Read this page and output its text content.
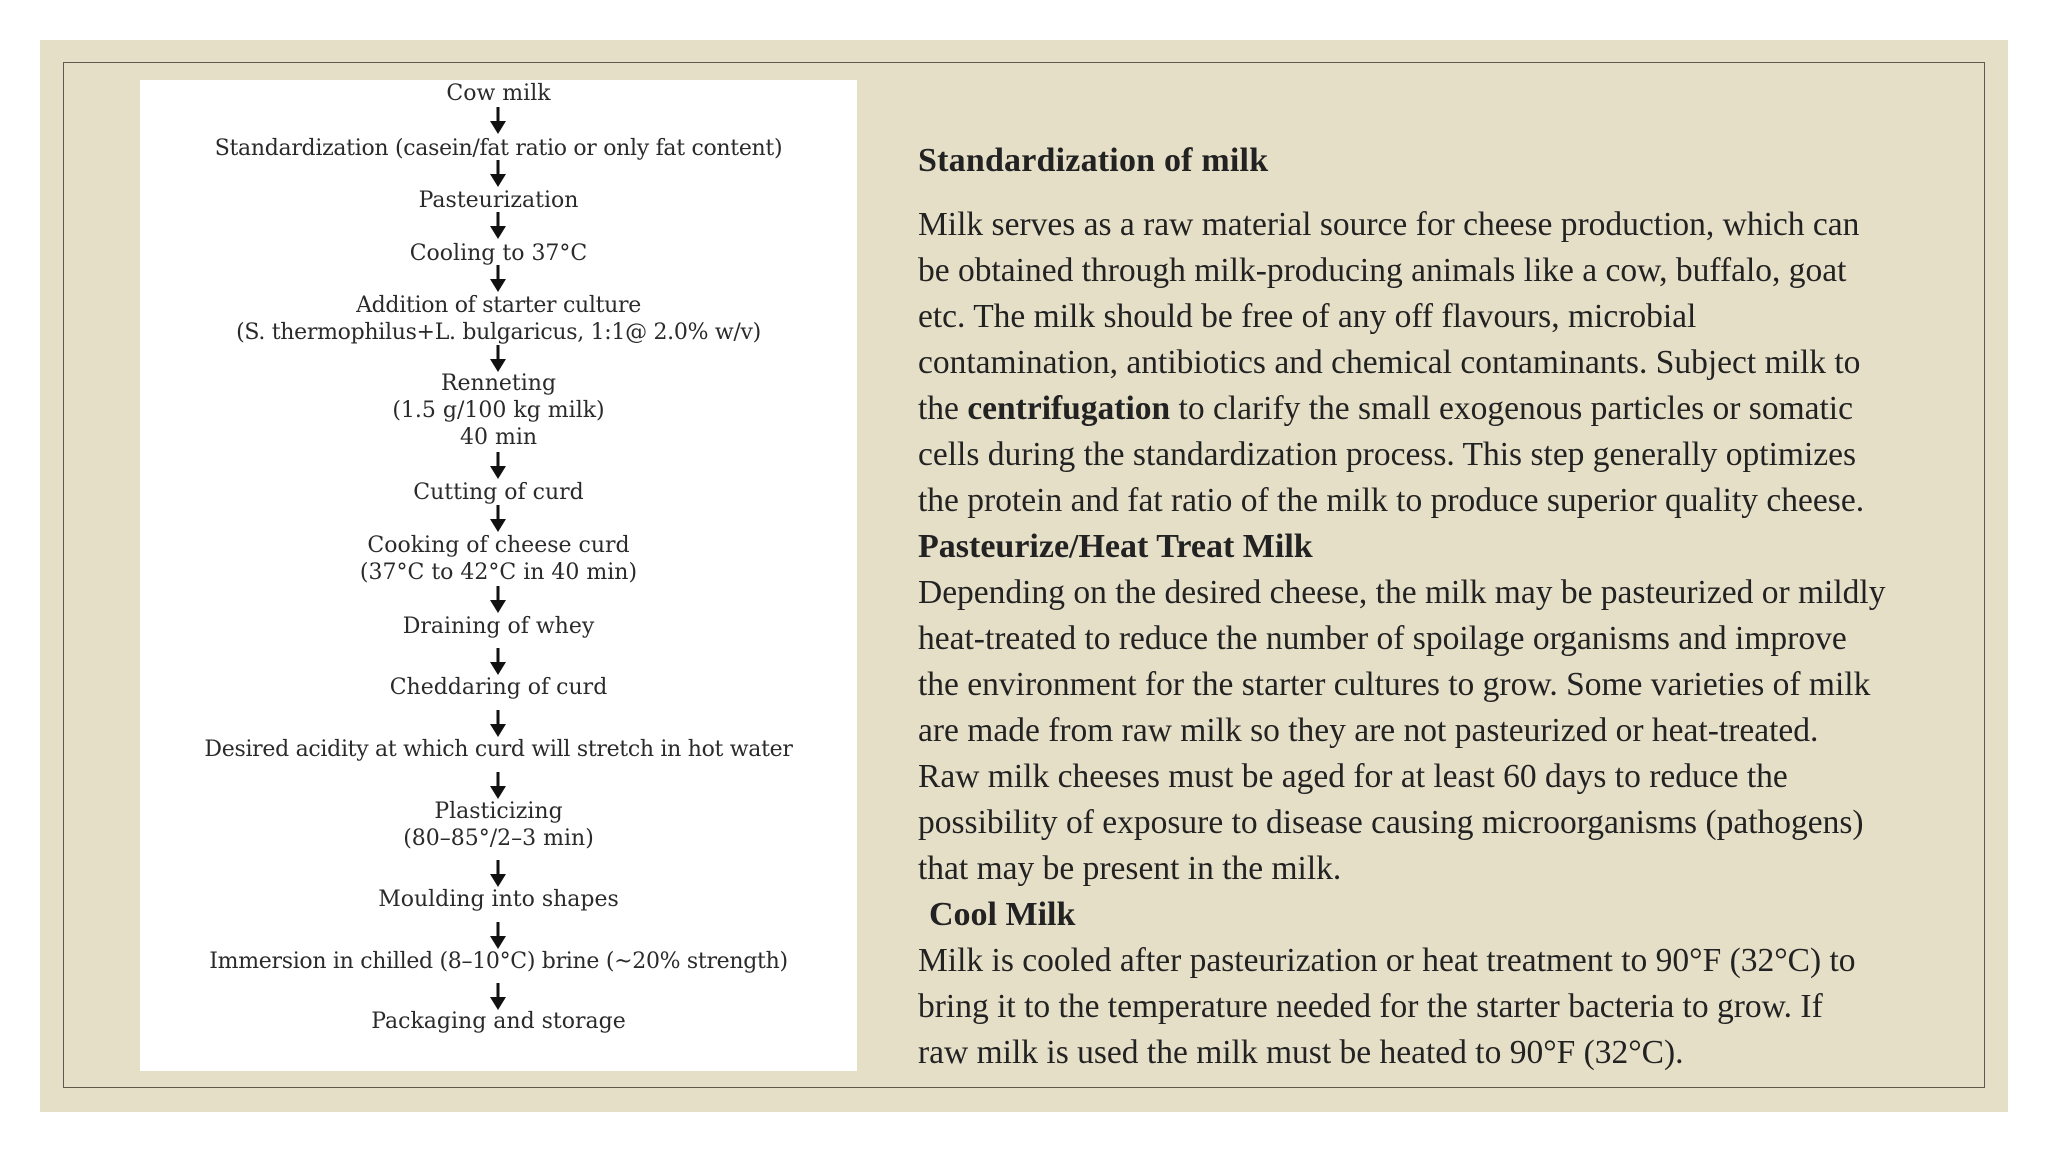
Cow milk
Standardization (casein/fat ratio or only fat content)
Pasteurization
Cooling to 37°C
Addition of starter culture
(S. thermophilus+L. bulgaricus, 1:1@ 2.0% w/v)
Renneting
(1.5 g/100 kg milk)
40 min
Cutting of curd
Cooking of cheese curd
(37°C to 42°C in 40 min)
Draining of whey
Cheddaring of curd
Desired acidity at which curd will stretch in hot water
Plasticizing
(80–85°/2–3 min)
Moulding into shapes
Immersion in chilled (8–10°C) brine (~20% strength)
Packaging and storage
Standardization of milk
Milk serves as a raw material source for cheese production, which can
be obtained through milk-producing animals like a cow, buffalo, goat
etc. The milk should be free of any off flavours, microbial
contamination, antibiotics and chemical contaminants. Subject milk to
the centrifugation to clarify the small exogenous particles or somatic
cells during the standardization process. This step generally optimizes
the protein and fat ratio of the milk to produce superior quality cheese.
Pasteurize/Heat Treat Milk
Depending on the desired cheese, the milk may be pasteurized or mildly
heat-treated to reduce the number of spoilage organisms and improve
the environment for the starter cultures to grow. Some varieties of milk
are made from raw milk so they are not pasteurized or heat-treated.
Raw milk cheeses must be aged for at least 60 days to reduce the
possibility of exposure to disease causing microorganisms (pathogens)
that may be present in the milk.
Cool Milk
Milk is cooled after pasteurization or heat treatment to 90°F (32°C) to
bring it to the temperature needed for the starter bacteria to grow. If
raw milk is used the milk must be heated to 90°F (32°C).
